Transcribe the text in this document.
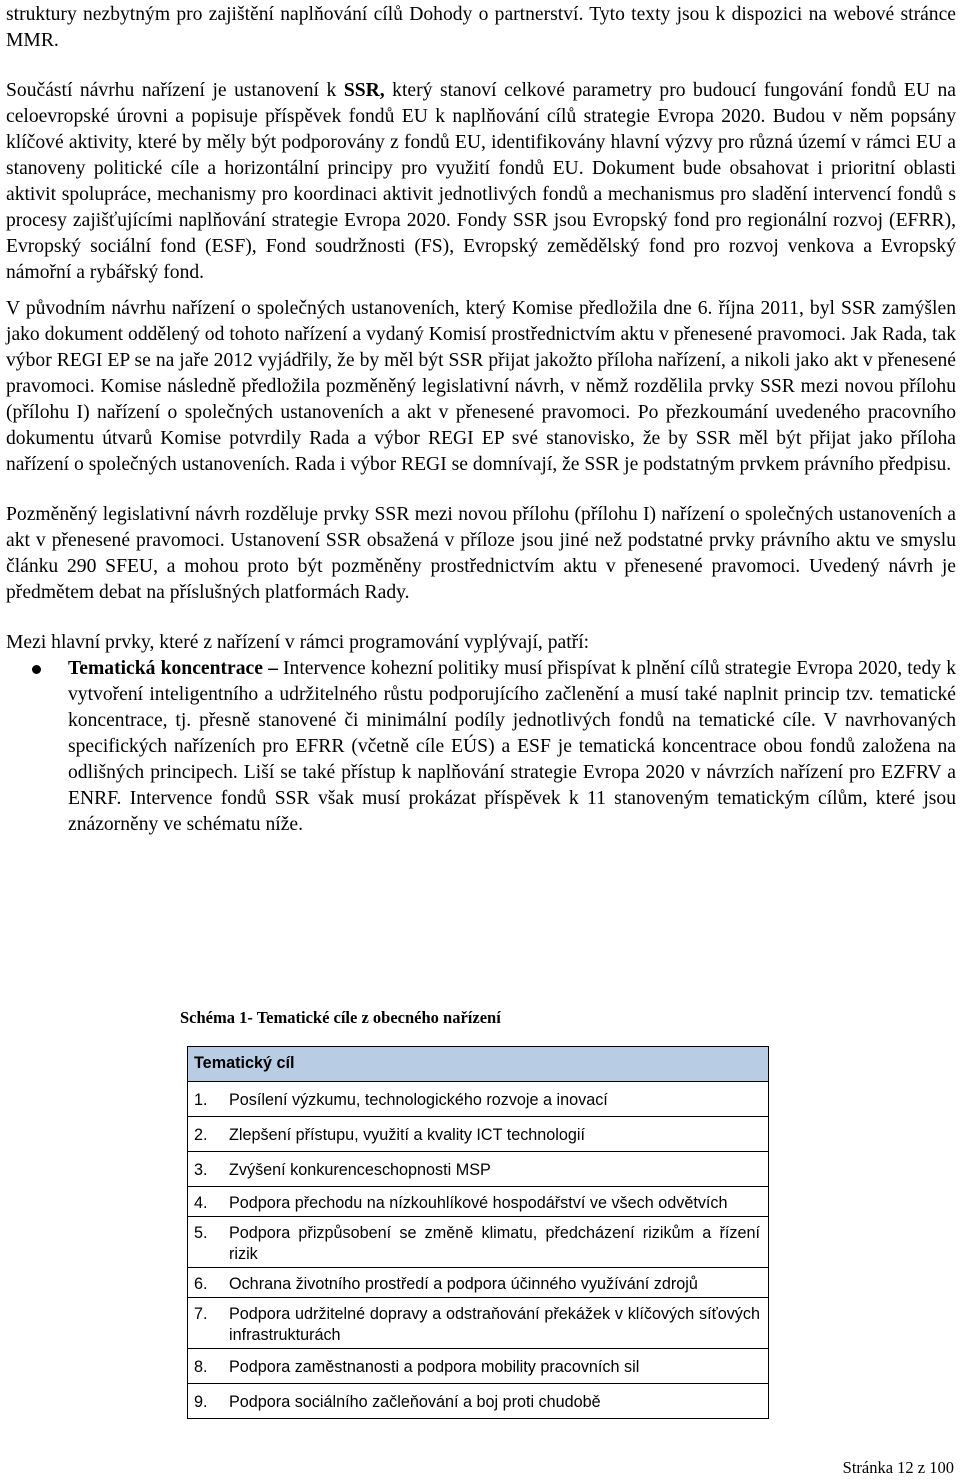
struktury nezbytným pro zajištění naplňování cílů Dohody o partnerství. Tyto texty jsou k dispozici na webové stránce MMR.

Součástí návrhu nařízení je ustanovení k SSR, který stanoví celkové parametry pro budoucí fungování fondů EU na celoevropské úrovni a popisuje příspěvek fondů EU k naplňování cílů strategie Evropa 2020. Budou v něm popsány klíčové aktivity, které by měly být podporovány z fondů EU, identifikovány hlavní výzvy pro různá území v rámci EU a stanoveny politické cíle a horizontální principy pro využití fondů EU. Dokument bude obsahovat i prioritní oblasti aktivit spolupráce, mechanismy pro koordinaci aktivit jednotlivých fondů a mechanismus pro sladění intervencí fondů s procesy zajišťujícími naplňování strategie Evropa 2020. Fondy SSR jsou Evropský fond pro regionální rozvoj (EFRR), Evropský sociální fond (ESF), Fond soudržnosti (FS), Evropský zemědělský fond pro rozvoj venkova a Evropský námořní a rybářský fond.

V původním návrhu nařízení o společných ustanoveních, který Komise předložila dne 6. října 2011, byl SSR zamýšlen jako dokument oddělený od tohoto nařízení a vydaný Komisí prostřednictvím aktu v přenesené pravomoci. Jak Rada, tak výbor REGI EP se na jaře 2012 vyjádřily, že by měl být SSR přijat jakožto příloha nařízení, a nikoli jako akt v přenesené pravomoci. Komise následně předložila pozměněný legislativní návrh, v němž rozdělila prvky SSR mezi novou přílohu (přílohu I) nařízení o společných ustanoveních a akt v přenesené pravomoci. Po přezkoumání uvedeného pracovního dokumentu útvarů Komise potvrdily Rada a výbor REGI EP své stanovisko, že by SSR měl být přijat jako příloha nařízení o společných ustanoveních. Rada i výbor REGI se domnívají, že SSR je podstatným prvkem právního předpisu.

Pozměněný legislativní návrh rozděluje prvky SSR mezi novou přílohu (přílohu I) nařízení o společných ustanoveních a akt v přenesené pravomoci. Ustanovení SSR obsažená v příloze jsou jiné než podstatné prvky právního aktu ve smyslu článku 290 SFEU, a mohou proto být pozměněny prostřednictvím aktu v přenesené pravomoci. Uvedený návrh je předmětem debat na příslušných platformách Rady.

Mezi hlavní prvky, které z nařízení v rámci programování vyplývají, patří:

Tematická koncentrace – Intervence kohezní politiky musí přispívat k plnění cílů strategie Evropa 2020, tedy k vytvoření inteligentního a udržitelného růstu podporujícího začlenění a musí také naplnit princip tzv. tematické koncentrace, tj. přesně stanovené či minimální podíly jednotlivých fondů na tematické cíle. V navrhovaných specifických nařízeních pro EFRR (včetně cíle EÚS) a ESF je tematická koncentrace obou fondů založena na odlišných principech. Liší se také přístup k naplňování strategie Evropa 2020 v návrzích nařízení pro EZFRV a ENRF. Intervence fondů SSR však musí prokázat příspěvek k 11 stanoveným tematickým cílům, které jsou znázorněny ve schématu níže.

Schéma 1- Tematické cíle z obecného nařízení
Tematický cíl

1.	Posílení výzkumu, technologického rozvoje a inovací

2.	Zlepšení přístupu, využití a kvality ICT technologií

3.	Zvýšení konkurenceschopnosti MSP

4.	Podpora přechodu na nízkouhlíkové hospodářství ve všech odvětvích

5.	Podpora přizpůsobení se změně klimatu, předcházení rizikům a řízení rizik

6.	Ochrana životního prostředí a podpora účinného využívání zdrojů

7.	Podpora udržitelné dopravy a odstraňování překážek v klíčových síťových infrastrukturách

8.	Podpora zaměstnanosti a podpora mobility pracovních sil

9.	Podpora sociálního začleňování a boj proti chudobě
Stránka 12 z 100
